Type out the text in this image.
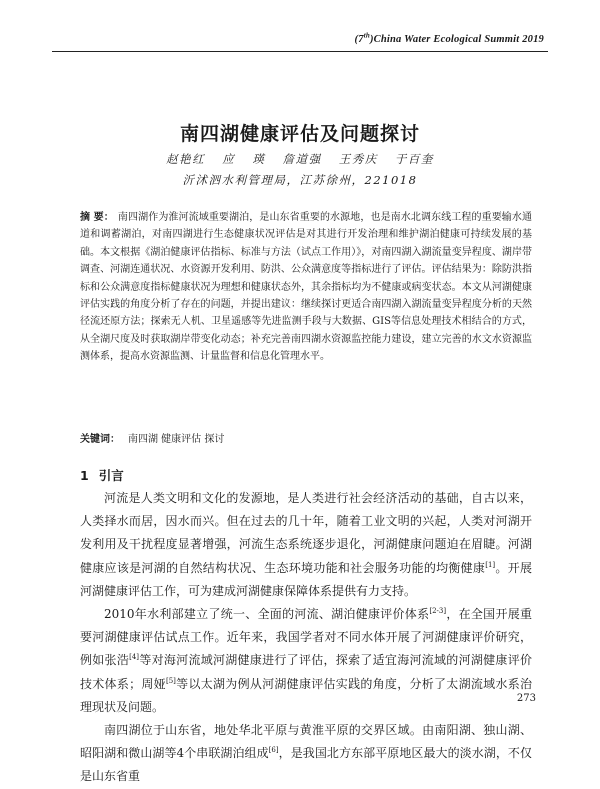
(7th)China Water Ecological Summit 2019
南四湖健康评估及问题探讨
赵艳红 应 瑛 詹道强 王秀庆 于百奎
沂沭泗水利管理局，江苏徐州，221018

摘 要： 南四湖作为淮河流域重要湖泊，是山东省重要的水源地，也是南水北调东线工程的重要输水通道和调蓄湖泊，对南四湖进行生态健康状况评估是对其进行开发治理和维护湖泊健康可持续发展的基础。本文根据《湖泊健康评估指标、标准与方法（试点工作用）》，对南四湖入湖流量变异程度、湖岸带调查、河湖连通状况、水资源开发利用、防洪、公众满意度等指标进行了评估。评估结果为：除防洪指标和公众满意度指标健康状况为理想和健康状态外，其余指标均为不健康或病变状态。本文从河湖健康评估实践的角度分析了存在的问题，并提出建议：继续探讨更适合南四湖入湖流量变异程度分析的天然径流还原方法；探索无人机、卫星遥感等先进监测手段与大数据、GIS等信息处理技术相结合的方式，从全湖尺度及时获取湖岸带变化动态；补充完善南四湖水资源监控能力建设，建立完善的水文水资源监测体系，提高水资源监测、计量监督和信息化管理水平。

关键词： 南四湖 健康评估 探讨

1 引言

河流是人类文明和文化的发源地，是人类进行社会经济活动的基础，自古以来，人类择水而居，因水而兴。但在过去的几十年，随着工业文明的兴起，人类对河湖开发利用及干扰程度显著增强，河流生态系统逐步退化，河湖健康问题迫在眉睫。河湖健康应该是河湖的自然结构状况、生态环境功能和社会服务功能的均衡健康[1]。开展河湖健康评估工作，可为建成河湖健康保障体系提供有力支持。

2010年水利部建立了统一、全面的河流、湖泊健康评价体系[2-3]，在全国开展重要河湖健康评估试点工作。近年来，我国学者对不同水体开展了河湖健康评价研究，例如张浩[4]等对海河流域河湖健康进行了评估，探索了适宜海河流域的河湖健康评价技术体系；周娅[5]等以太湖为例从河湖健康评估实践的角度，分析了太湖流域水系治理现状及问题。

南四湖位于山东省，地处华北平原与黄淮平原的交界区域。由南阳湖、独山湖、昭阳湖和微山湖等4个串联湖泊组成[6]，是我国北方东部平原地区最大的淡水湖，不仅是山东省重

273
